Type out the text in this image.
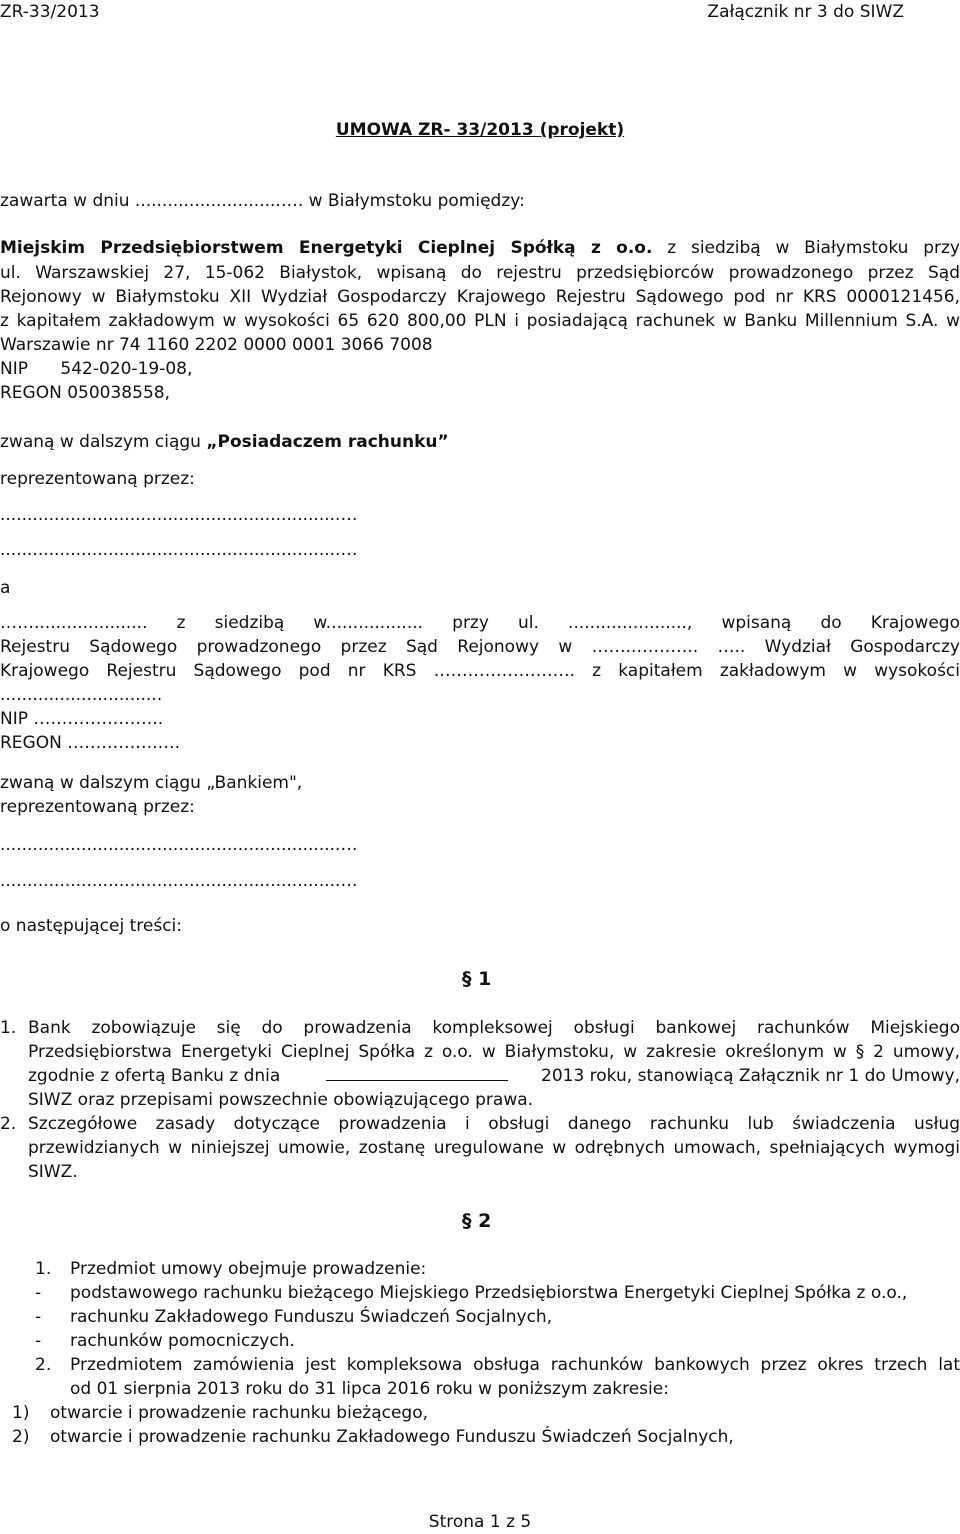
ZR-33/2013	Załącznik nr 3 do SIWZ
UMOWA ZR- 33/2013 (projekt)
zawarta w dniu ...........................…. w Białymstoku pomiędzy:
Miejskim Przedsiębiorstwem Energetyki Cieplnej Spółką z o.o. z siedzibą w Białymstoku przy
ul. Warszawskiej 27, 15-062 Białystok, wpisaną do rejestru przedsiębiorców prowadzonego przez Sąd
Rejonowy w Białymstoku XII Wydział Gospodarczy Krajowego Rejestru Sądowego pod nr KRS 0000121456,
z kapitałem zakładowym w wysokości 65 620 800,00 PLN i posiadającą rachunek w Banku Millennium S.A. w
Warszawie nr 74 1160 2202 0000 0001 3066 7008
NIP      542-020-19-08,
REGON 050038558,
zwaną w dalszym ciągu „Posiadaczem rachunku”
reprezentowaną przez:
...............................................................…
...............................................................…
a
……..................... z siedzibą w.................. przy ul. ......................, wpisaną do Krajowego
Rejestru Sądowego prowadzonego przez Sąd Rejonowy w ……..……….. ….. Wydział Gospodarczy
Krajowego Rejestru Sądowego pod nr KRS ……………………. z kapitałem zakładowym w wysokości
..............................
NIP …………………..
REGON …………….….
zwaną w dalszym ciągu „Bankiem",
reprezentowaną przez:
...............................................................…
...............................................................…
o następującej treści:
§ 1
1. Bank zobowiązuje się do prowadzenia kompleksowej obsługi bankowej rachunków Miejskiego
Przedsiębiorstwa Energetyki Cieplnej Spółka z o.o. w Białymstoku, w zakresie określonym w § 2 umowy,
zgodnie z ofertą Banku z dnia	2013 roku, stanowiącą Załącznik nr 1 do Umowy,
SIWZ oraz przepisami powszechnie obowiązującego prawa.
2. Szczegółowe zasady dotyczące prowadzenia i obsługi danego rachunku lub świadczenia usług
przewidzianych w niniejszej umowie, zostanę uregulowane w odrębnych umowach, spełniających wymogi
SIWZ.
§ 2
1.	Przedmiot umowy obejmuje prowadzenie:
-	podstawowego rachunku bieżącego Miejskiego Przedsiębiorstwa Energetyki Cieplnej Spółka z o.o.,
-	rachunku Zakładowego Funduszu Świadczeń Socjalnych,
-	rachunków pomocniczych.
2.	Przedmiotem zamówienia jest kompleksowa obsługa rachunków bankowych przez okres trzech lat
od 01 sierpnia 2013 roku do 31 lipca 2016 roku w poniższym zakresie:
1)	otwarcie i prowadzenie rachunku bieżącego,
2)	otwarcie i prowadzenie rachunku Zakładowego Funduszu Świadczeń Socjalnych,
Strona 1 z 5
